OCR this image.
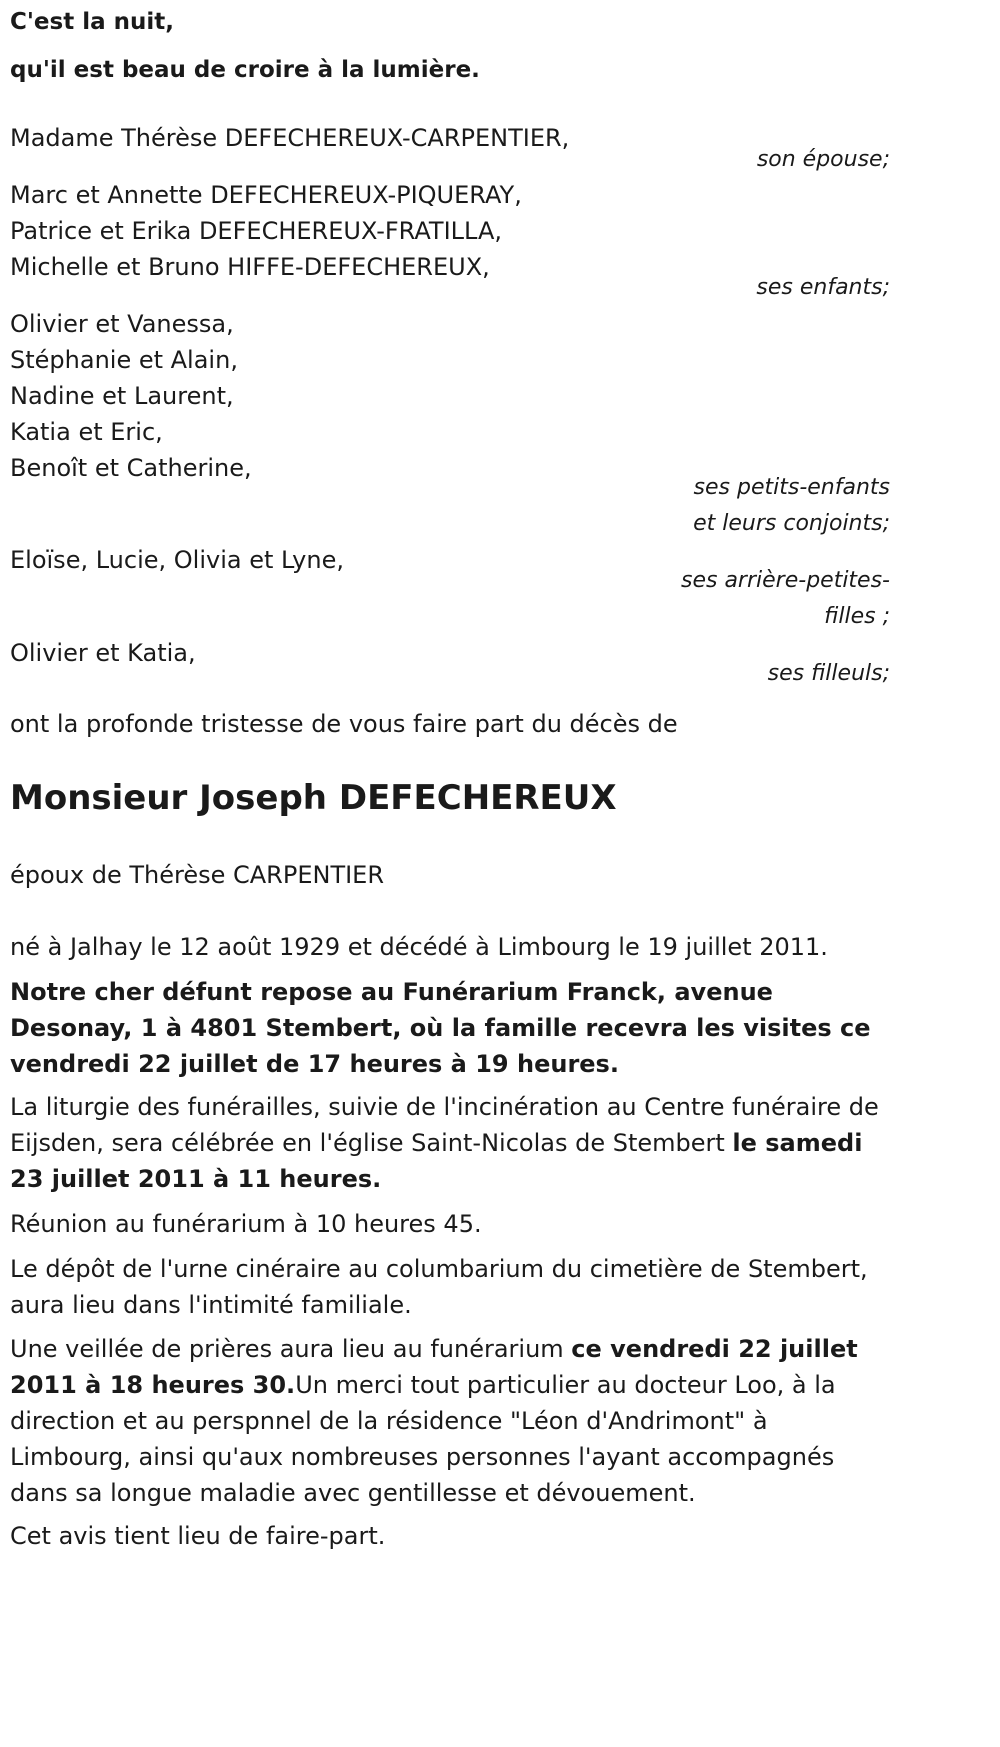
C'est la nuit,
qu'il est beau de croire à la lumière.
Madame Thérèse DEFECHEREUX-CARPENTIER,
son épouse;
Marc et Annette DEFECHEREUX-PIQUERAY,
Patrice et Erika DEFECHEREUX-FRATILLA,
Michelle et Bruno HIFFE-DEFECHEREUX,
ses enfants;
Olivier et Vanessa,
Stéphanie et Alain,
Nadine et Laurent,
Katia et Eric,
Benoît et Catherine,
ses petits-enfants
et leurs conjoints;
Eloïse, Lucie, Olivia et Lyne,
ses arrière-petites-
filles ;
Olivier et Katia,
ses filleuls;
ont la profonde tristesse de vous faire part du décès de
Monsieur Joseph DEFECHEREUX
époux de Thérèse CARPENTIER
né à Jalhay le 12 août 1929 et décédé à Limbourg le 19 juillet 2011.
Notre cher défunt repose au Funérarium Franck, avenue Desonay, 1 à 4801 Stembert, où la famille recevra les visites ce vendredi 22 juillet de 17 heures à 19 heures.
La liturgie des funérailles, suivie de l'incinération au Centre funéraire de Eijsden, sera célébrée en l'église Saint-Nicolas de Stembert le samedi 23 juillet 2011 à 11 heures.
Réunion au funérarium à 10 heures 45.
Le dépôt de l'urne cinéraire au columbarium du cimetière de Stembert, aura lieu dans l'intimité familiale.
Une veillée de prières aura lieu au funérarium ce vendredi 22 juillet 2011 à 18 heures 30.Un merci tout particulier au docteur Loo, à la direction et au perspnnel de la résidence "Léon d'Andrimont" à Limbourg, ainsi qu'aux nombreuses personnes l'ayant accompagnés dans sa longue maladie avec gentillesse et dévouement.
Cet avis tient lieu de faire-part.
